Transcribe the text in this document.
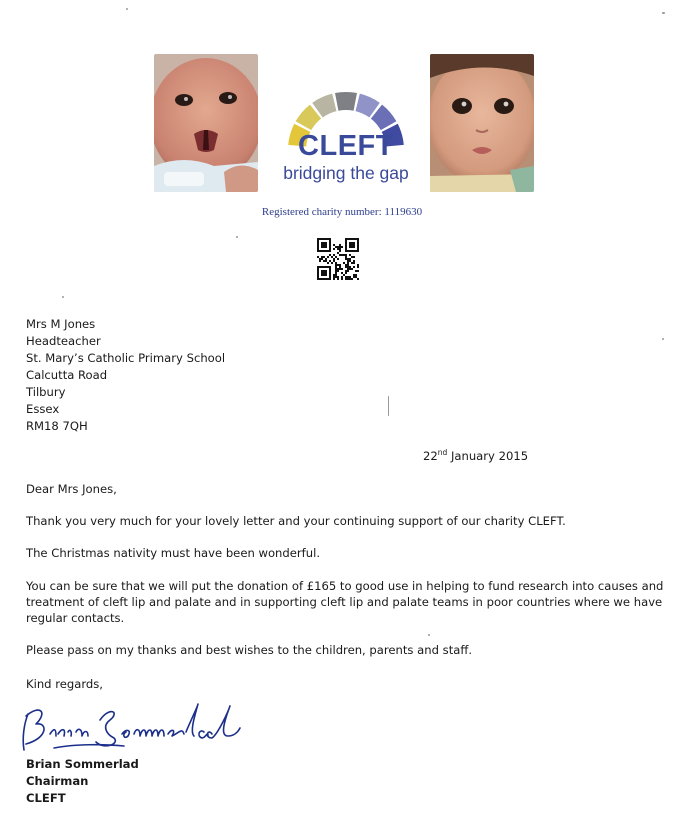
CLEFT
bridging the gap
Registered charity number: 1119630
Mrs M Jones
Headteacher
St. Mary’s Catholic Primary School
Calcutta Road
Tilbury
Essex
RM18 7QH
22nd January 2015
Dear Mrs Jones,
Thank you very much for your lovely letter and your continuing support of our charity CLEFT.
The Christmas nativity must have been wonderful.
You can be sure that we will put the donation of £165 to good use in helping to fund research into causes and treatment of cleft lip and palate and in supporting cleft lip and palate teams in poor countries where we have regular contacts.
Please pass on my thanks and best wishes to the children, parents and staff.
Kind regards,
Brian Sommerlad
Chairman
CLEFT
